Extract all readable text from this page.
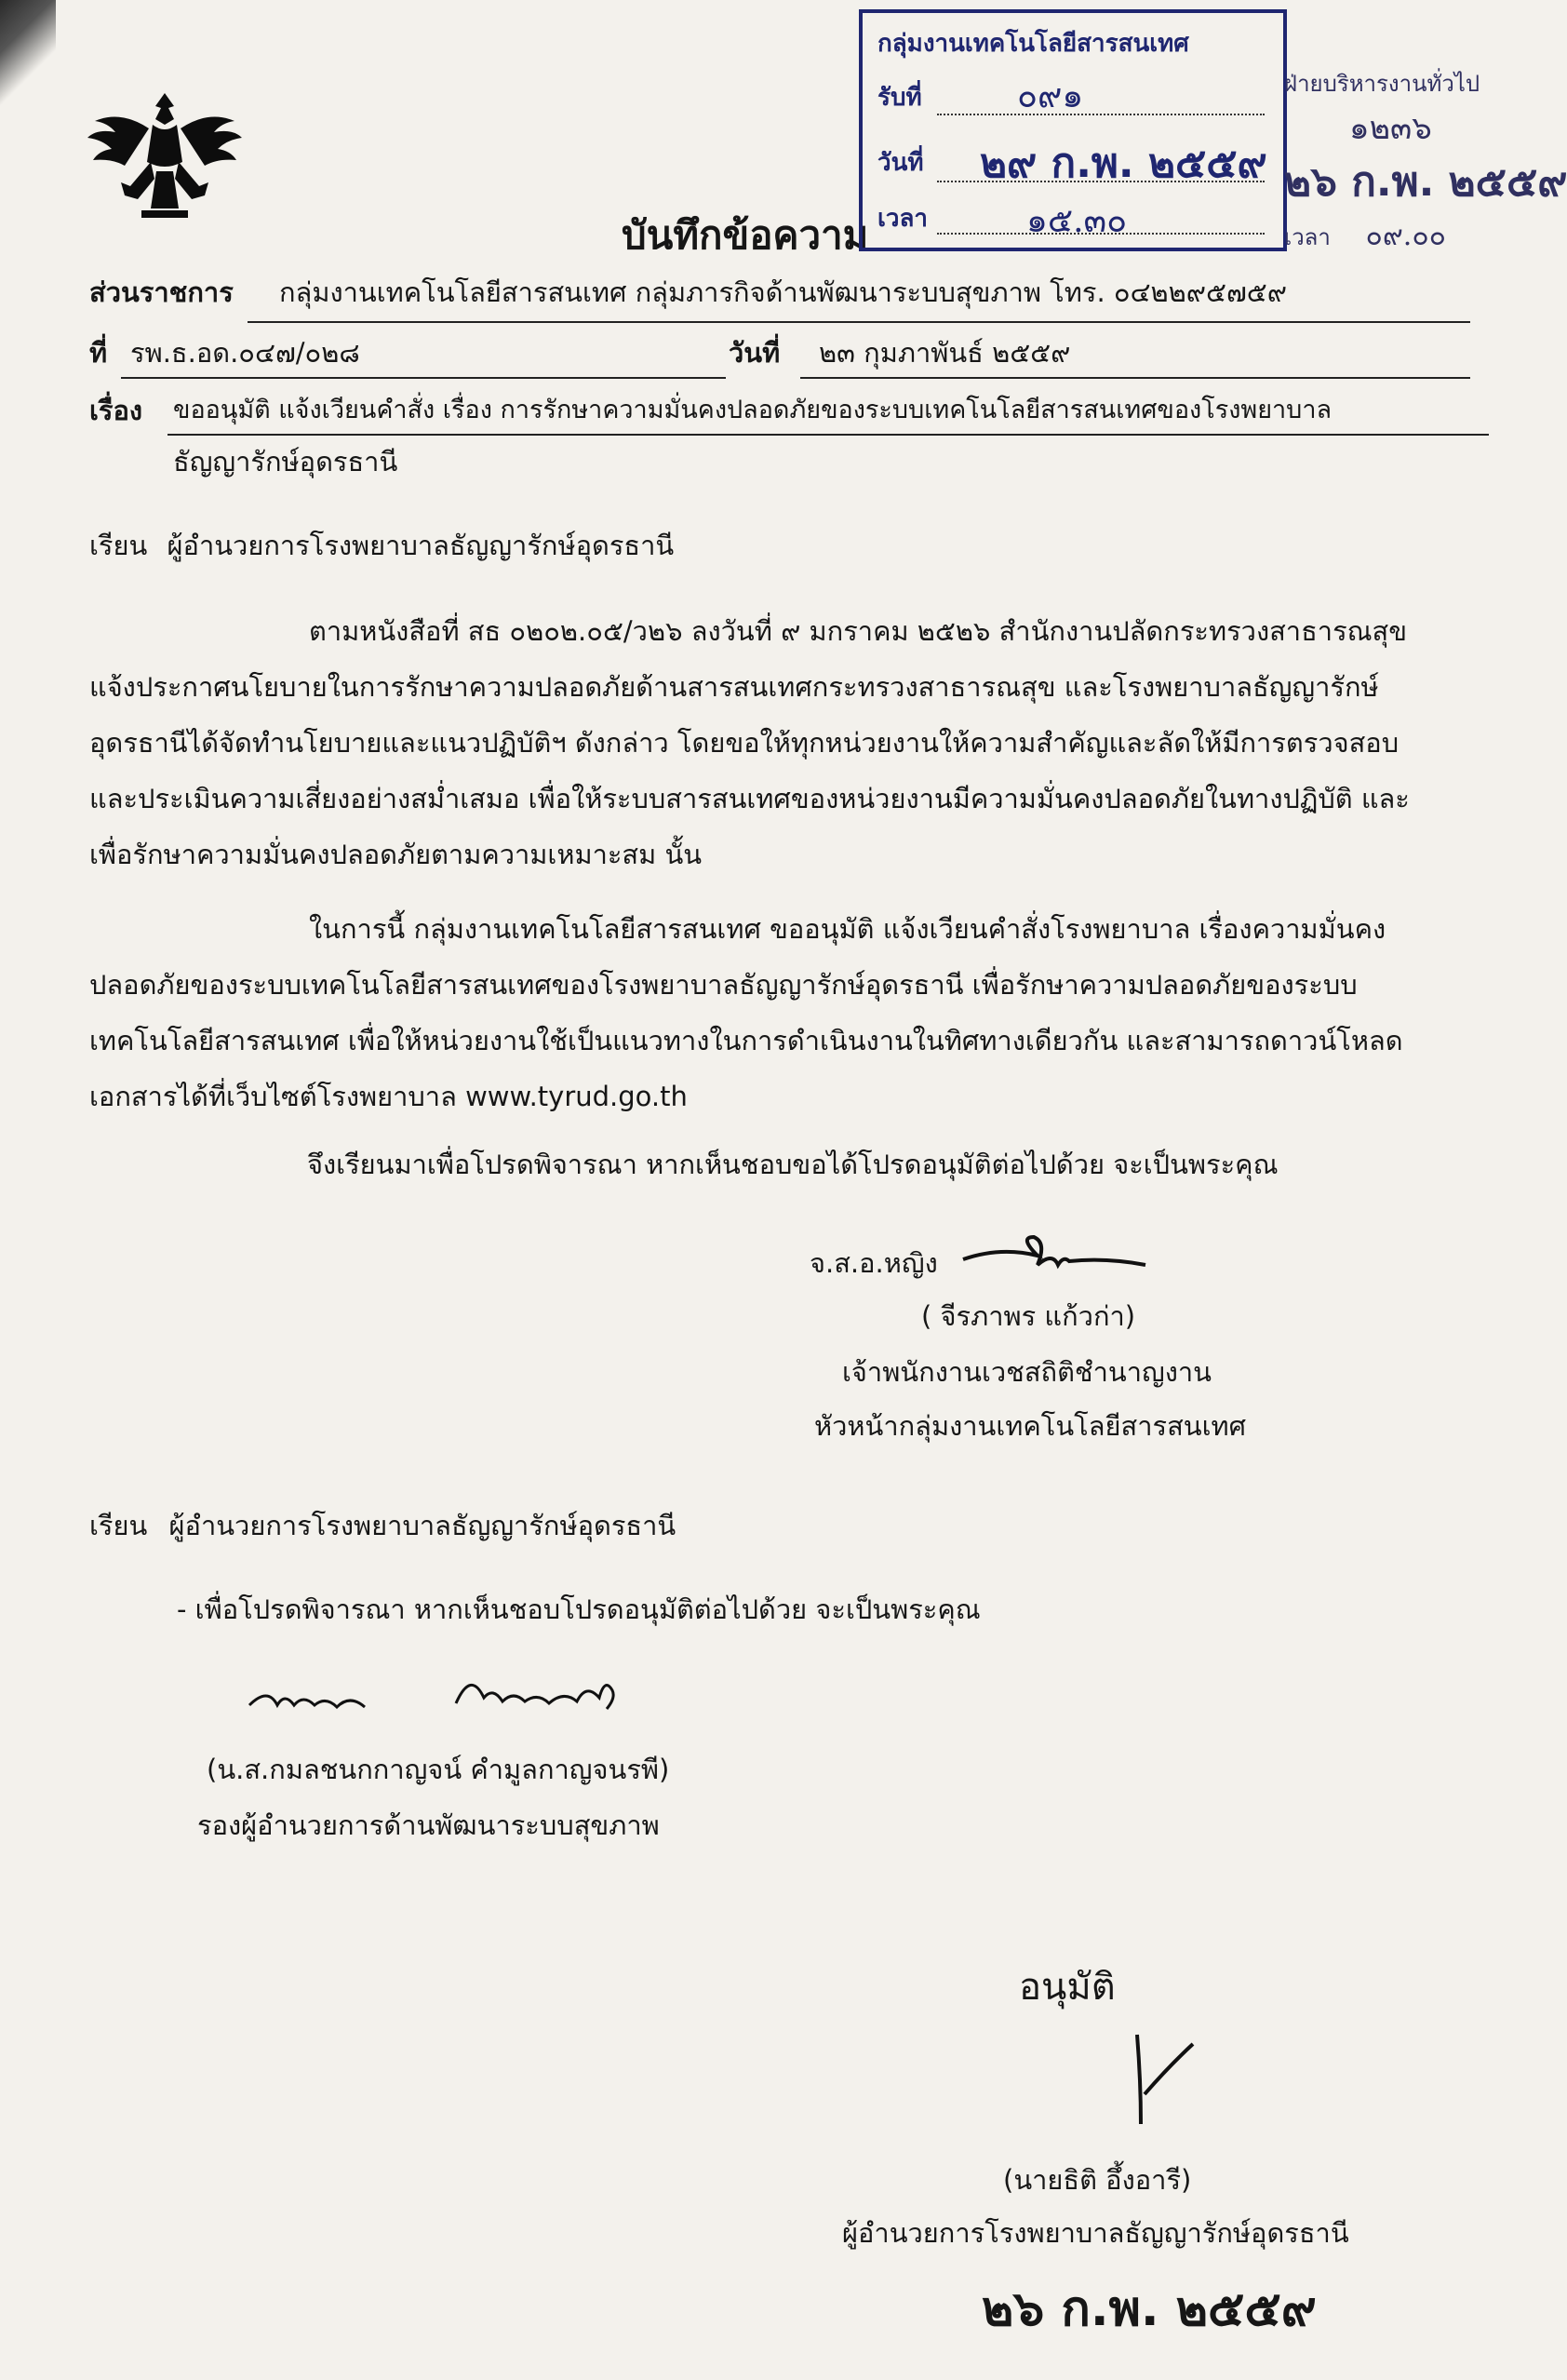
บันทึกข้อความ
กลุ่มงานเทคโนโลยีสารสนเทศ
รับที่	๐๙๑
วันที่ ๒๙ ก.พ. ๒๕๕๙
เวลา	๑๕.๓๐
ฝ่ายบริหารงานทั่วไป
๑๒๓๖
๒๖ ก.พ. ๒๕๕๙
เวลา ๐๙.๐๐
ส่วนราชการ กลุ่มงานเทคโนโลยีสารสนเทศ กลุ่มภารกิจด้านพัฒนาระบบสุขภาพ โทร. ๐๔๒๒๙๕๗๕๙
ที่ รพ.ธ.อด.๐๔๗/๐๒๘	วันที่ ๒๓ กุมภาพันธ์ ๒๕๕๙
เรื่อง ขออนุมัติ แจ้งเวียนคำสั่ง เรื่อง การรักษาความมั่นคงปลอดภัยของระบบเทคโนโลยีสารสนเทศของโรงพยาบาล
ธัญญารักษ์อุดรธานี
เรียน ผู้อำนวยการโรงพยาบาลธัญญารักษ์อุดรธานี

ตามหนังสือที่ สธ ๐๒๐๒.๐๕/ว๒๖ ลงวันที่ ๙ มกราคม ๒๕๒๖ สำนักงานปลัดกระทรวงสาธารณสุขแจ้งประกาศนโยบายในการรักษาความปลอดภัยด้านสารสนเทศกระทรวงสาธารณสุข และโรงพยาบาลธัญญารักษ์อุดรธานีได้จัดทำนโยบายและแนวปฏิบัติฯ ดังกล่าว โดยขอให้ทุกหน่วยงานให้ความสำคัญและลัดให้มีการตรวจสอบและประเมินความเสี่ยงอย่างสม่ำเสมอ เพื่อให้ระบบสารสนเทศของหน่วยงานมีความมั่นคงปลอดภัยในทางปฏิบัติ และเพื่อรักษาความมั่นคงปลอดภัยตามความเหมาะสม นั้น

ในการนี้ กลุ่มงานเทคโนโลยีสารสนเทศ ขออนุมัติ แจ้งเวียนคำสั่งโรงพยาบาล เรื่องความมั่นคงปลอดภัยของระบบเทคโนโลยีสารสนเทศของโรงพยาบาลธัญญารักษ์อุดรธานี เพื่อรักษาความปลอดภัยของระบบเทคโนโลยีสารสนเทศ เพื่อให้หน่วยงานใช้เป็นแนวทางในการดำเนินงานในทิศทางเดียวกัน และสามารถดาวน์โหลดเอกสารได้ที่เว็บไซต์โรงพยาบาล www.tyrud.go.th

จึงเรียนมาเพื่อโปรดพิจารณา หากเห็นชอบขอได้โปรดอนุมัติต่อไปด้วย จะเป็นพระคุณ
จ.ส.อ.หญิง
( จีรภาพร แก้วก่า)
เจ้าพนักงานเวชสถิติชำนาญงาน
หัวหน้ากลุ่มงานเทคโนโลยีสารสนเทศ
เรียน ผู้อำนวยการโรงพยาบาลธัญญารักษ์อุดรธานี
- เพื่อโปรดพิจารณา หากเห็นชอบโปรดอนุมัติต่อไปด้วย จะเป็นพระคุณ
(น.ส.กมลชนกกาญจน์ คำมูลกาญจนรพี)
รองผู้อำนวยการด้านพัฒนาระบบสุขภาพ
อนุมัติ
(นายธิติ อึ้งอารี)
ผู้อำนวยการโรงพยาบาลธัญญารักษ์อุดรธานี
๒๖ ก.พ. ๒๕๕๙
